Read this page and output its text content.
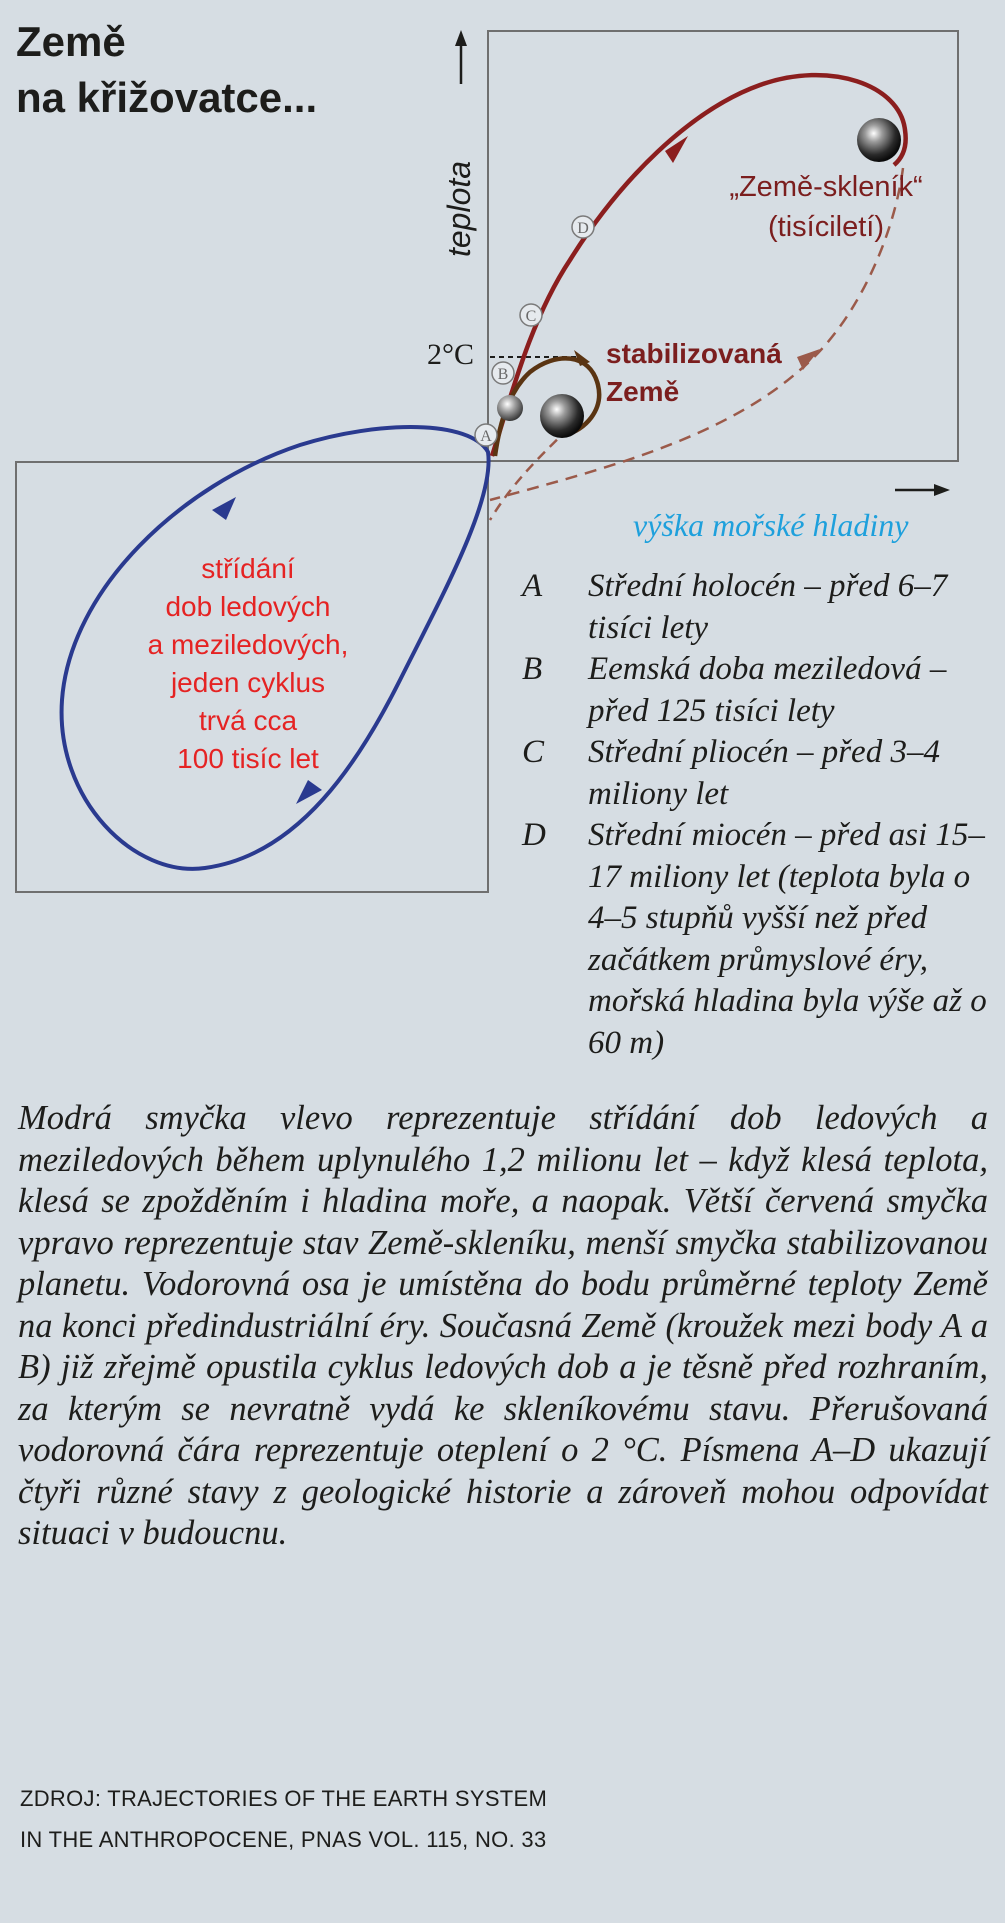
Země
na křižovatce...
teplota
výška mořské hladiny
2°C
A
B
C
D
„Země-skleník“
(tisíciletí)
stabilizovaná
Země
střídání
dob ledových
a meziledových,
jeden cyklus
trvá cca
100 tisíc let
A	Střední holocén – před 6–7 tisíci lety
B	Eemská doba meziledová – před 125 tisíci lety
C	Střední pliocén – před 3–4 miliony let
D	Střední miocén – před asi 15–17 miliony let (teplota byla o 4–5 stupňů vyšší než před začátkem průmyslové éry, mořská hladina byla výše až o 60 m)

Modrá smyčka vlevo reprezentuje střídání dob ledových a meziledových během uplynulého 1,2 milionu let – když klesá teplota, klesá se zpožděním i hladina moře, a naopak. Větší červená smyčka vpravo reprezentuje stav Země-skleníku, menší smyčka stabilizovanou planetu. Vodorovná osa je umístěna do bodu průměrné teploty Země na konci předindustriální éry. Současná Země (kroužek mezi body A a B) již zřejmě opustila cyklus ledových dob a je těsně před rozhraním, za kterým se nevratně vydá ke skleníkovému stavu. Přerušovaná vodorovná čára reprezentuje oteplení o 2 °C. Písmena A–D ukazují čtyři různé stavy z geologické historie a zároveň mohou odpovídat situaci v budoucnu.

ZDROJ: TRAJECTORIES OF THE EARTH SYSTEM
IN THE ANTHROPOCENE, PNAS VOL. 115, NO. 33
